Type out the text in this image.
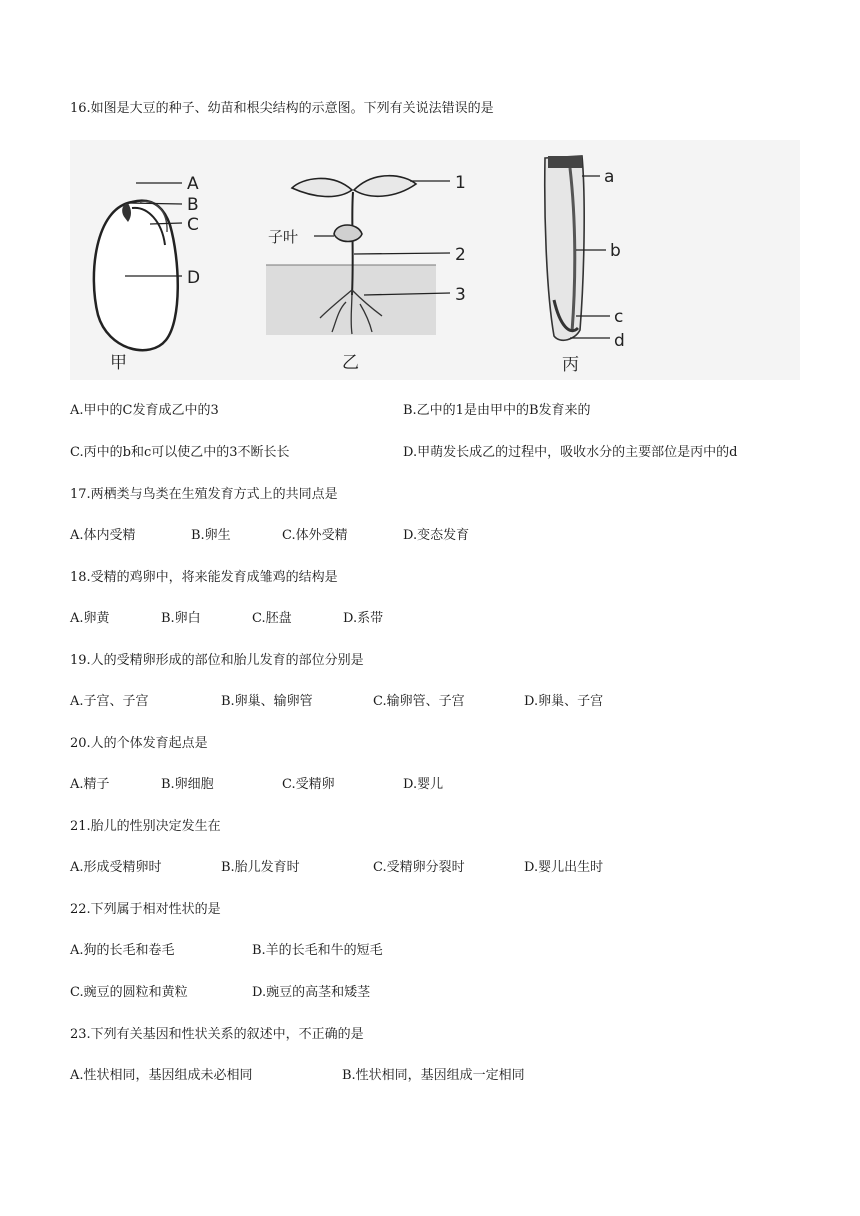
16.如图是大豆的种子、幼苗和根尖结构的示意图。下列有关说法错误的是
A
B
C
D
甲
子叶
1
2
3
乙
a
b
c
d
丙
A.甲中的C发育成乙中的3	B.乙中的1是由甲中的B发育来的
C.丙中的b和c可以使乙中的3不断长长	D.甲萌发长成乙的过程中，吸收水分的主要部位是丙中的d
17.两栖类与鸟类在生殖发育方式上的共同点是
A.体内受精	B.卵生	C.体外受精	D.变态发育
18.受精的鸡卵中，将来能发育成雏鸡的结构是
A.卵黄	B.卵白	C.胚盘	D.系带
19.人的受精卵形成的部位和胎儿发育的部位分别是
A.子宫、子宫	B.卵巢、输卵管	C.输卵管、子宫	D.卵巢、子宫
20.人的个体发育起点是
A.精子	B.卵细胞	C.受精卵	D.婴儿
21.胎儿的性别决定发生在
A.形成受精卵时	B.胎儿发育时	C.受精卵分裂时	D.婴儿出生时
22.下列属于相对性状的是
A.狗的长毛和卷毛	B.羊的长毛和牛的短毛
C.豌豆的圆粒和黄粒	D.豌豆的高茎和矮茎
23.下列有关基因和性状关系的叙述中，不正确的是
A.性状相同，基因组成未必相同	B.性状相同，基因组成一定相同
